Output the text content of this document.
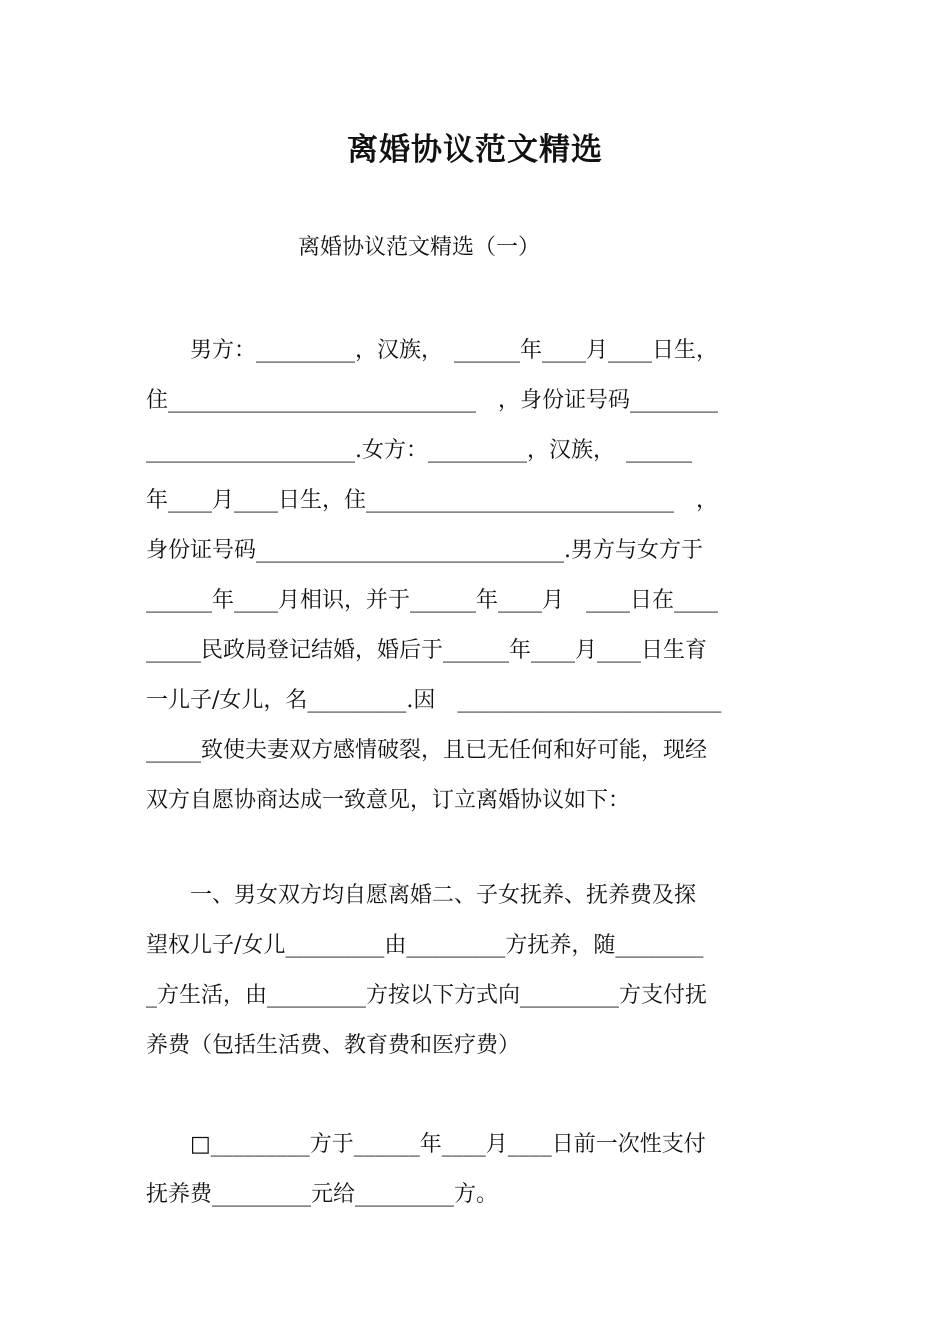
离婚协议范文精选
离婚协议范文精选（一）
　　男方：_________，汉族，　______年____月____日生，
住____________________________　，身份证号码________
___________________.女方：_________，汉族，　______
年____月____日生，住____________________________　，
身份证号码____________________________.男方与女方于
______年____月相识，并于______年____月　____日在____
_____民政局登记结婚，婚后于______年____月____日生育
一儿子/女儿，名_________.因　________________________
_____致使夫妻双方感情破裂，且已无任何和好可能，现经
双方自愿协商达成一致意见，订立离婚协议如下：
　　一、男女双方均自愿离婚二、子女抚养、抚养费及探
望权儿子/女儿_________由_________方抚养，随________
_方生活，由_________方按以下方式向_________方支付抚
养费（包括生活费、教育费和医疗费）
　　□_________方于______年____月____日前一次性支付
抚养费_________元给_________方。
